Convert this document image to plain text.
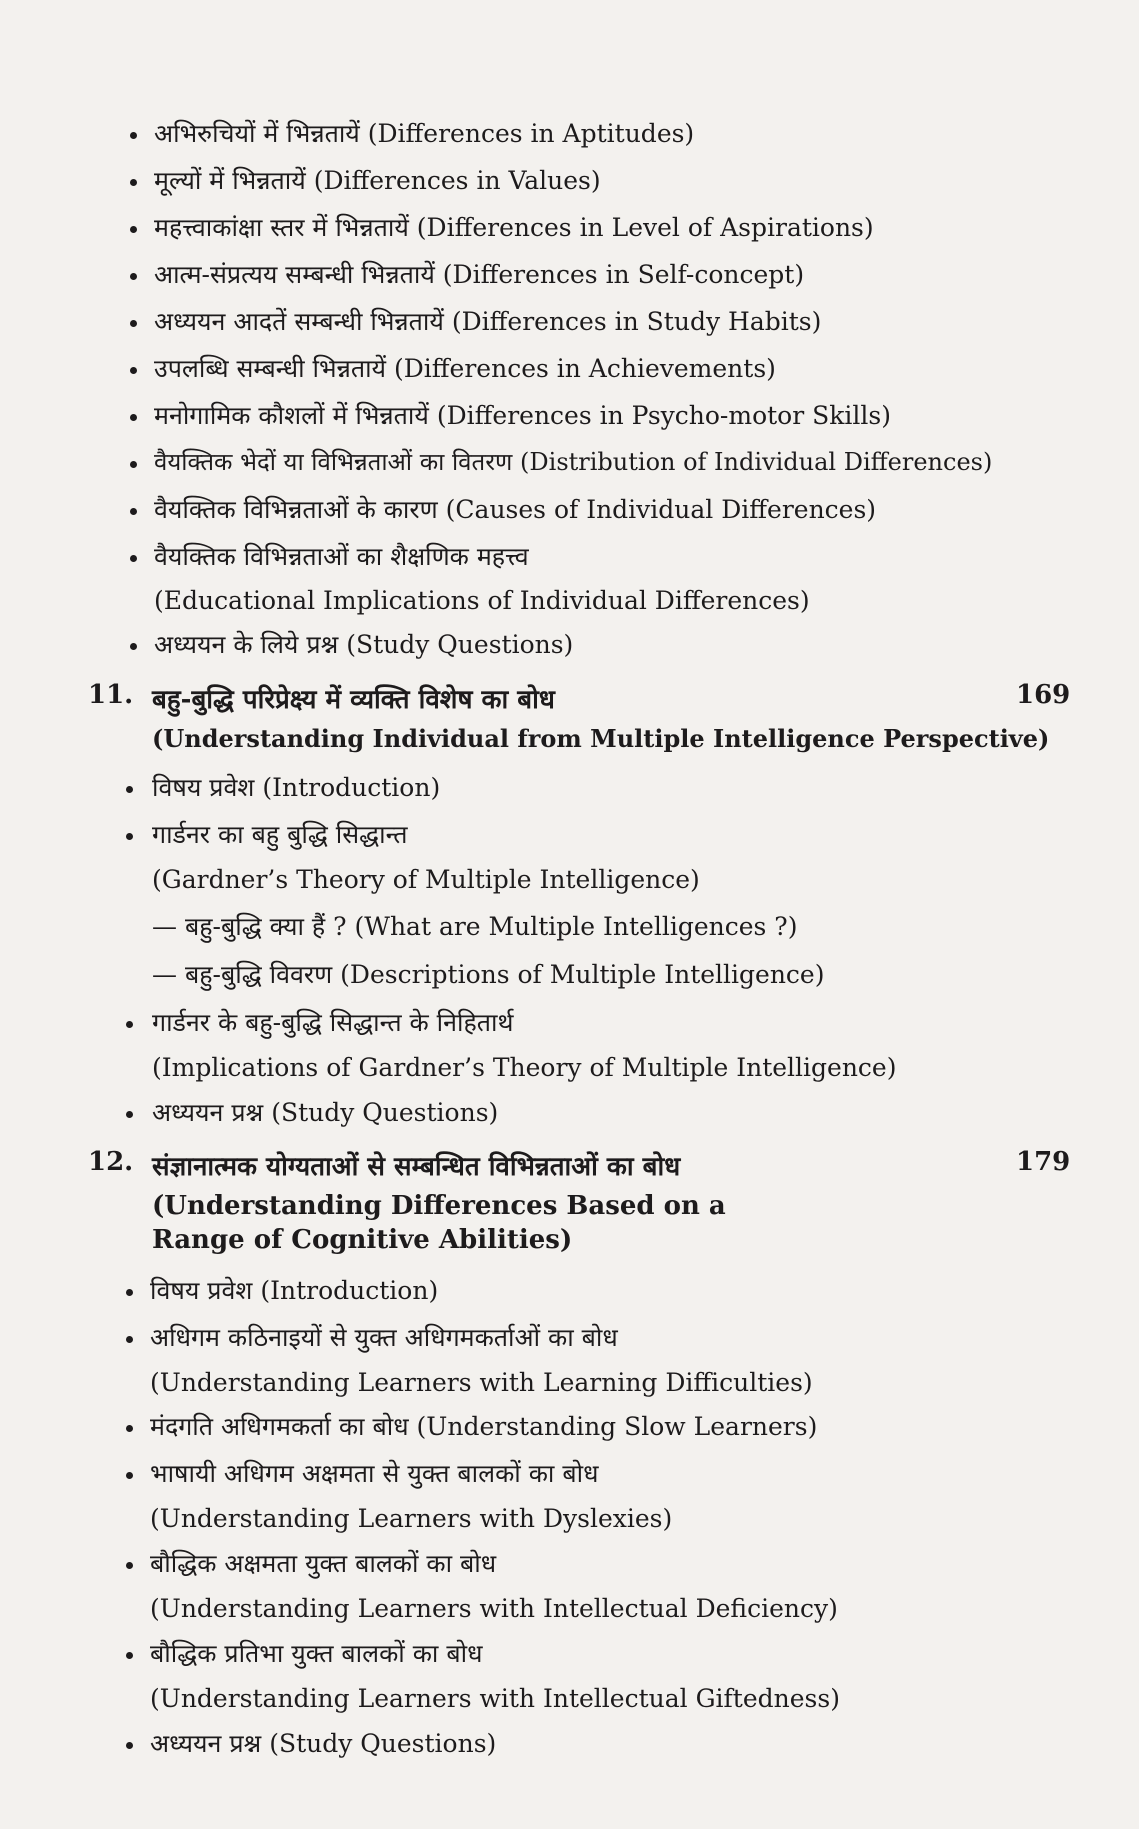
अभिरुचियों में भिन्नतायें (Differences in Aptitudes)
मूल्यों में भिन्नतायें (Differences in Values)
महत्त्वाकांक्षा स्तर में भिन्नतायें (Differences in Level of Aspirations)
आत्म-संप्रत्यय सम्बन्धी भिन्नतायें (Differences in Self-concept)
अध्ययन आदतें सम्बन्धी भिन्नतायें (Differences in Study Habits)
उपलब्धि सम्बन्धी भिन्नतायें (Differences in Achievements)
मनोगामिक कौशलों में भिन्नतायें (Differences in Psycho-motor Skills)
वैयक्तिक भेदों या विभिन्नताओं का वितरण (Distribution of Individual Differences)
वैयक्तिक विभिन्नताओं के कारण (Causes of Individual Differences)
वैयक्तिक विभिन्नताओं का शैक्षणिक महत्त्व
(Educational Implications of Individual Differences)
अध्ययन के लिये प्रश्न (Study Questions)
11. बहु-बुद्धि परिप्रेक्ष्य में व्यक्ति विशेष का बोध	169
(Understanding Individual from Multiple Intelligence Perspective)
विषय प्रवेश (Introduction)
गार्डनर का बहु बुद्धि सिद्धान्त
(Gardner’s Theory of Multiple Intelligence)
— बहु-बुद्धि क्या हैं ? (What are Multiple Intelligences ?)
— बहु-बुद्धि विवरण (Descriptions of Multiple Intelligence)
गार्डनर के बहु-बुद्धि सिद्धान्त के निहितार्थ
(Implications of Gardner’s Theory of Multiple Intelligence)
अध्ययन प्रश्न (Study Questions)
12. संज्ञानात्मक योग्यताओं से सम्बन्धित विभिन्नताओं का बोध	179
(Understanding Differences Based on a
Range of Cognitive Abilities)
विषय प्रवेश (Introduction)
अधिगम कठिनाइयों से युक्त अधिगमकर्ताओं का बोध
(Understanding Learners with Learning Difficulties)
मंदगति अधिगमकर्ता का बोध (Understanding Slow Learners)
भाषायी अधिगम अक्षमता से युक्त बालकों का बोध
(Understanding Learners with Dyslexies)
बौद्धिक अक्षमता युक्त बालकों का बोध
(Understanding Learners with Intellectual Deficiency)
बौद्धिक प्रतिभा युक्त बालकों का बोध
(Understanding Learners with Intellectual Giftedness)
अध्ययन प्रश्न (Study Questions)
